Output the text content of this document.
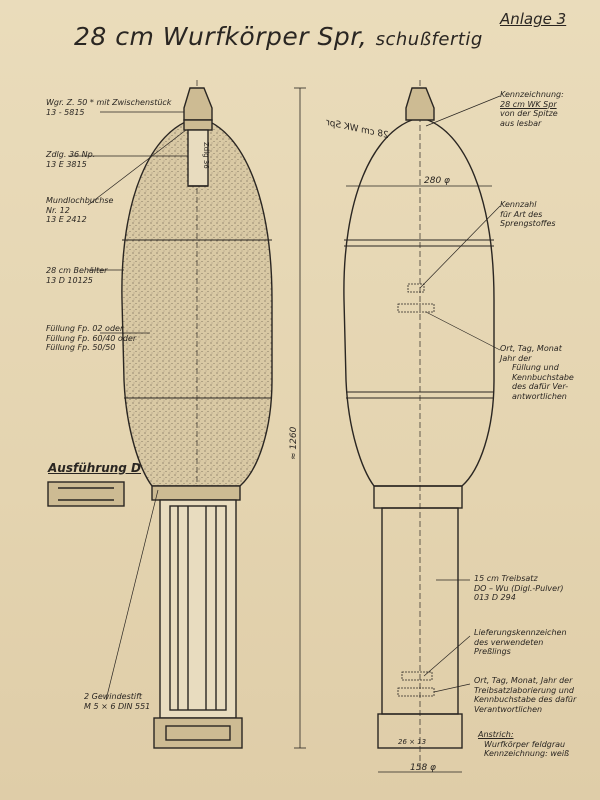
28 cm Wurfkörper Spr, schußfertig
Anlage 3
28 cm WK Spr
Zdlg 36
280 φ
≈ 1260
158 φ
26 × 13
Wgr. Z. 50 * mit Zwischenstück
13 - 5815
Zdlg. 36 Np.
13 E 3815
Mundlochbuchse
Nr. 12
13 E 2412
28 cm Behälter
13 D 10125
Füllung Fp. 02 oder
Füllung Fp. 60/40 oder
Füllung Fp. 50/50
Ausführung D
2 Gewindestift
M 5 × 6 DIN 551
Kennzeichnung:
28 cm WK Spr
von der Spitze
aus lesbar
Kennzahl
für Art des
Sprengstoffes
Ort, Tag, Monat
Jahr der
Füllung und
Kennbuchstabe
des dafür Ver-
antwortlichen
15 cm Treibsatz
DO – Wu (Digl.-Pulver)
013 D 294
Lieferungskennzeichen
des verwendeten
Preßlings
Ort, Tag, Monat, Jahr der
Treibsatzlaborierung und
Kennbuchstabe des dafür
Verantwortlichen
Anstrich:
Wurfkörper feldgrau
Kennzeichnung: weiß
